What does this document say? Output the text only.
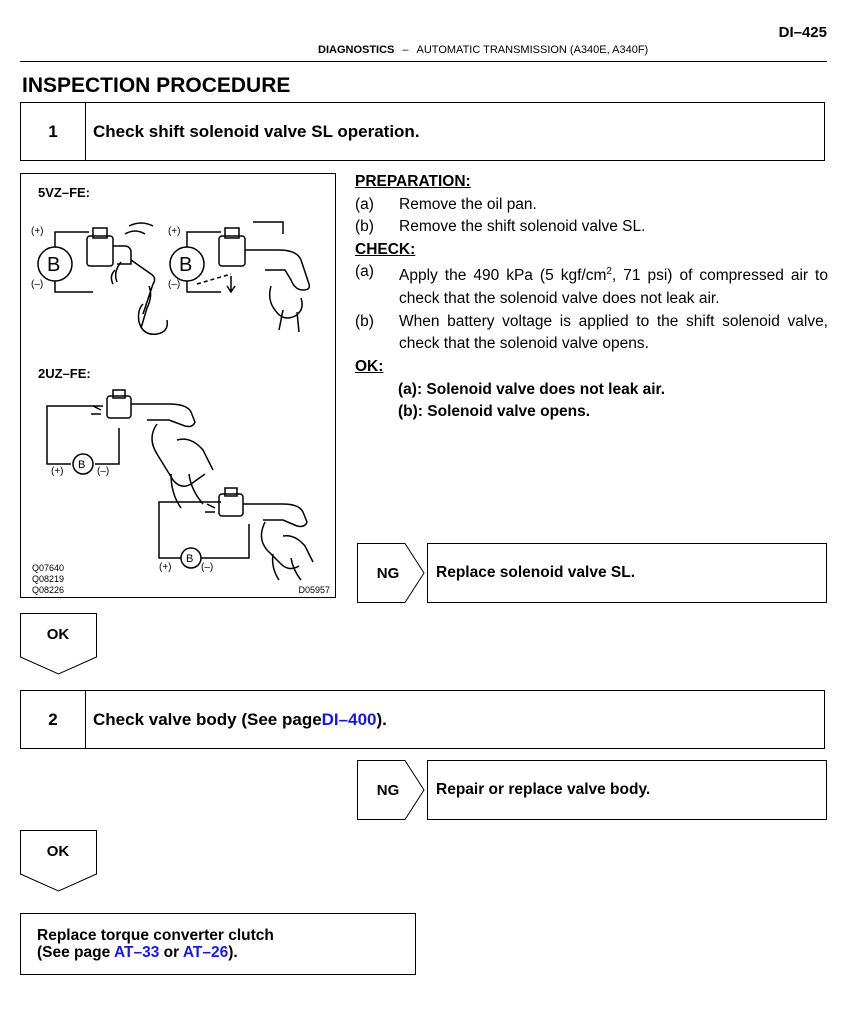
DI–425
DIAGNOSTICS – AUTOMATIC TRANSMISSION (A340E, A340F)
INSPECTION PROCEDURE
1	Check shift solenoid valve SL operation.
B
(+)
(–)
B
(+)
(–)
B
(+)	(–)
B
(+)	(–)
5VZ–FE:
2UZ–FE:
Q07640
Q08219
Q08226	D05957
PREPARATION:
(a)	Remove the oil pan.
(b)	Remove the shift solenoid valve SL.
CHECK:
(a)	Apply the 490 kPa (5 kgf/$cm^2$, 71 psi) of compressed air to check that the solenoid valve does not leak air.
(b)	When battery voltage is applied to the shift solenoid valve, check that the solenoid valve opens.
OK:
(a): Solenoid valve does not leak air.
(b): Solenoid valve opens.
NG	Replace solenoid valve SL.
OK
2	Check valve body (See page DI–400 ).
NG	Repair or replace valve body.
OK
Replace torque converter clutch
(See page AT–33 or AT–26).
